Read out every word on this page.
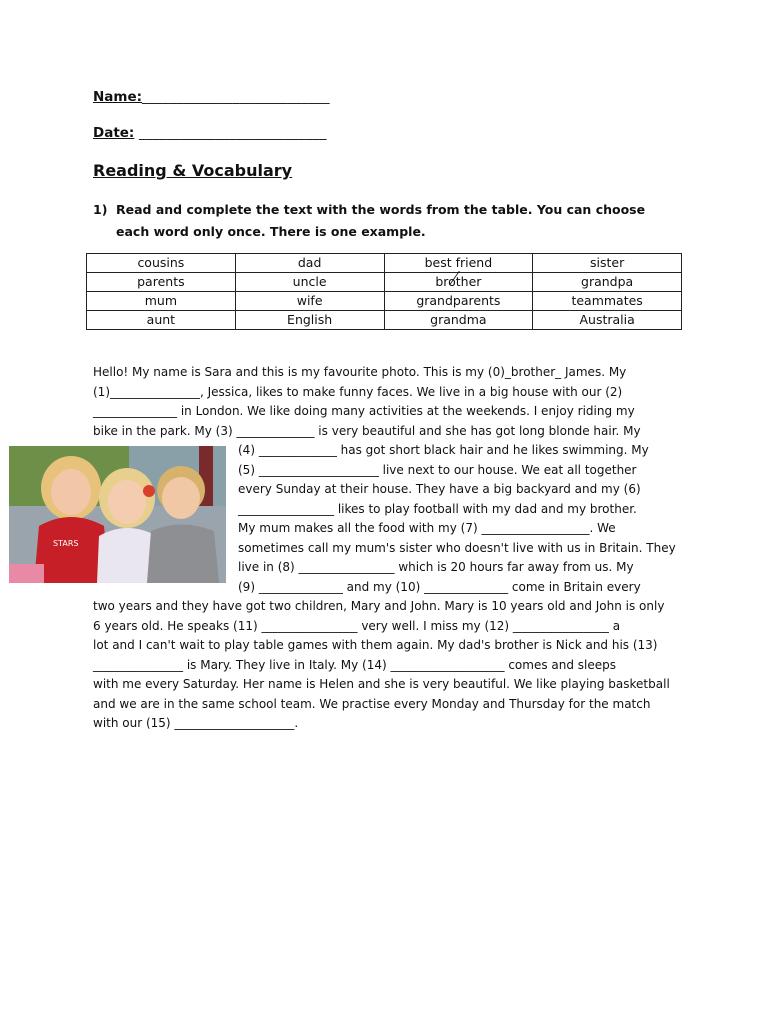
Name:___________________________
Date: ___________________________
Reading & Vocabulary
1) Read and complete the text with the words from the table. You can choose each word only once. There is one example.
cousins	dad	best friend	sister
parents	uncle	brother	grandpa
mum	wife	grandparents	teammates
aunt	English	grandma	Australia
Hello! My name is Sara and this is my favourite photo. This is my (0)_brother_ James. My
(1)_______________, Jessica, likes to make funny faces. We live in a big house with our (2)
______________ in London. We like doing many activities at the weekends. I enjoy riding my
bike in the park. My (3) _____________ is very beautiful and she has got long blonde hair. My
(4) _____________ has got short black hair and he likes swimming. My
(5) ____________________ live next to our house. We eat all together
every Sunday at their house. They have a big backyard and my (6)
________________ likes to play football with my dad and my brother.
My mum makes all the food with my (7) __________________. We
sometimes call my mum's sister who doesn't live with us in Britain. They
live in (8) ________________ which is 20 hours far away from us. My
(9) ______________ and my (10) ______________ come in Britain every
two years and they have got two children, Mary and John. Mary is 10 years old and John is only
6 years old. He speaks (11) ________________ very well. I miss my (12) ________________ a
lot and I can't wait to play table games with them again. My dad's brother is Nick and his (13)
_______________ is Mary. They live in Italy. My (14) ___________________ comes and sleeps
with me every Saturday. Her name is Helen and she is very beautiful. We like playing basketball
and we are in the same school team. We practise every Monday and Thursday for the match
with our (15) ____________________.
STARS
